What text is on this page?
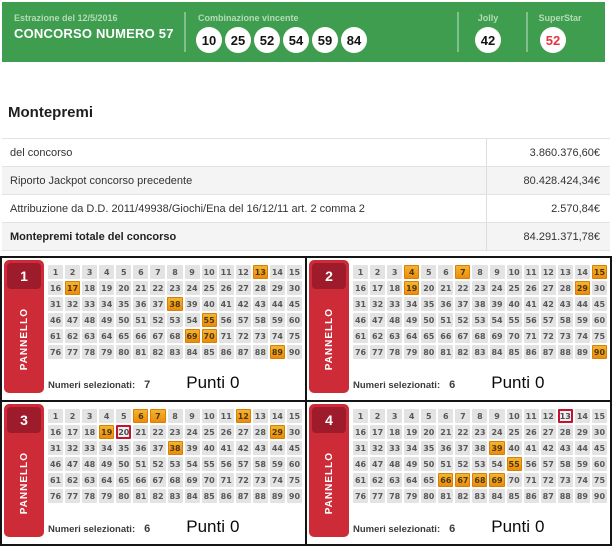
Estrazione del 12/5/2016
CONCORSO NUMERO 57
Combinazione vincente
10	25	52	54	59	84
Jolly
42
SuperStar
52
Montepremi
del concorso	3.860.376,60€
Riporto Jackpot concorso precedente	80.428.424,34€
Attribuzione da D.D. 2011/49938/Giochi/Ena del 16/12/11 art. 2 comma 2	2.570,84€
Montepremi totale del concorso	84.291.371,78€
1
PANNELLO
1	2	3	4	5	6	7	8	9	10 11 12 13 14 15
16 17 18 19 20 21 22 23 24 25 26 27 28 29 30
31 32 33 34 35 36 37 38 39 40 41 42 43 44 45
46 47 48 49 50 51 52 53 54 55 56 57 58 59 60
61 62 63 64 65 66 67 68 69 70 71 72 73 74 75
76 77 78 79 80 81 82 83 84 85 86 87 88 89 90
Numeri selezionati: 7 Punti 0
2
PANNELLO
1	2	3	4	5	6	7	8	9	10 11 12 13 14 15
16 17 18 19 20 21 22 23 24 25 26 27 28 29 30
31 32 33 34 35 36 37 38 39 40 41 42 43 44 45
46 47 48 49 50 51 52 53 54 55 56 57 58 59 60
61 62 63 64 65 66 67 68 69 70 71 72 73 74 75
76 77 78 79 80 81 82 83 84 85 86 87 88 89 90
Numeri selezionati: 6 Punti 0
3
PANNELLO
1	2	3	4	5	6	7	8	9	10 11 12 13 14 15
16 17 18 19 20 21 22 23 24 25 26 27 28 29 30
31 32 33 34 35 36 37 38 39 40 41 42 43 44 45
46 47 48 49 50 51 52 53 54 55 56 57 58 59 60
61 62 63 64 65 66 67 68 69 70 71 72 73 74 75
76 77 78 79 80 81 82 83 84 85 86 87 88 89 90
Numeri selezionati: 6 Punti 0
4
PANNELLO
1	2	3	4	5	6	7	8	9	10 11 12 13 14 15
16 17 18 19 20 21 22 23 24 25 26 27 28 29 30
31 32 33 34 35 36 37 38 39 40 41 42 43 44 45
46 47 48 49 50 51 52 53 54 55 56 57 58 59 60
61 62 63 64 65 66 67 68 69 70 71 72 73 74 75
76 77 78 79 80 81 82 83 84 85 86 87 88 89 90
Numeri selezionati: 6 Punti 0
